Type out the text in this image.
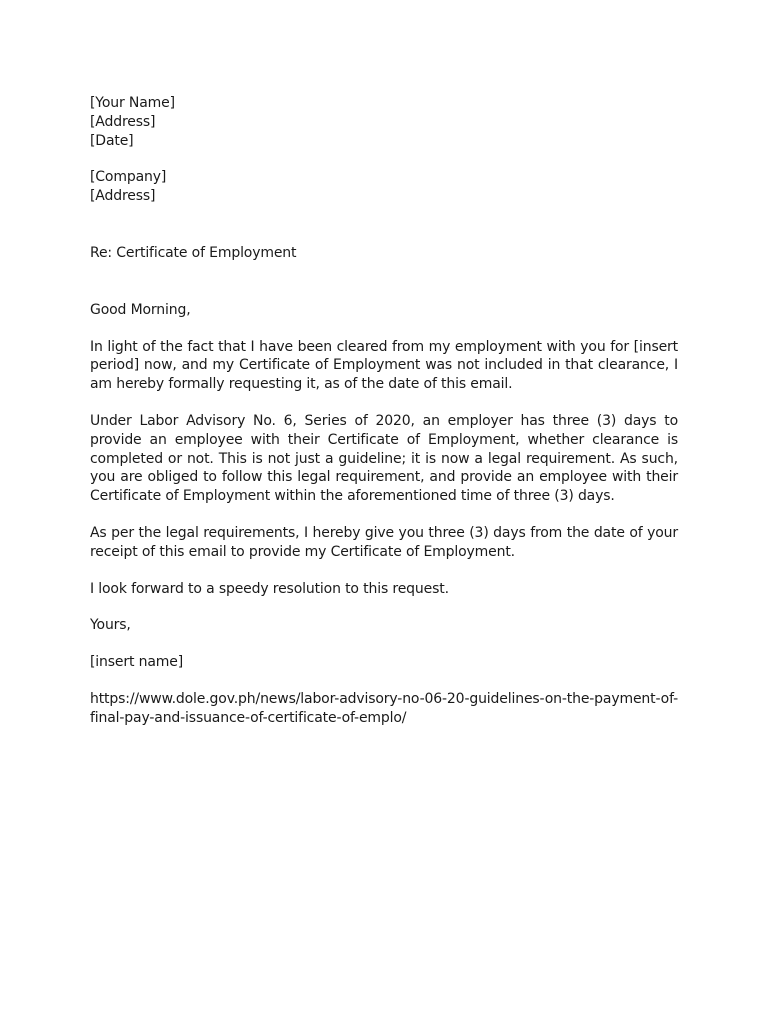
[Your Name]
[Address]
[Date]
[Company]
[Address]
Re: Certificate of Employment
Good Morning,

In light of the fact that I have been cleared from my employment with you for [insert period] now, and my Certificate of Employment was not included in that clearance, I am hereby formally requesting it, as of the date of this email.

Under Labor Advisory No. 6, Series of 2020, an employer has three (3) days to provide an employee with their Certificate of Employment, whether clearance is completed or not. This is not just a guideline; it is now a legal requirement. As such, you are obliged to follow this legal requirement, and provide an employee with their Certificate of Employment within the aforementioned time of three (3) days.

As per the legal requirements, I hereby give you three (3) days from the date of your receipt of this email to provide my Certificate of Employment.

I look forward to a speedy resolution to this request.

Yours,
[insert name]
https://www.dole.gov.ph/news/labor-advisory-no-06-20-guidelines-on-the-payment-of-
final-pay-and-issuance-of-certificate-of-emplo/
